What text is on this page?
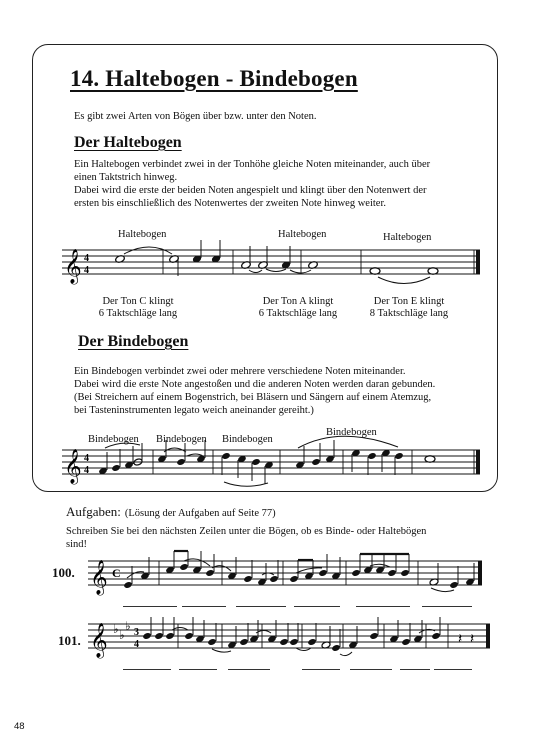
14. Haltebogen - Bindebogen
Es gibt zwei Arten von Bögen über bzw. unter den Noten.
Der Haltebogen
Ein Haltebogen verbindet zwei in der Tonhöhe gleiche Noten miteinander, auch über
einen Taktstrich hinweg.
Dabei wird die erste der beiden Noten angespielt und klingt über den Notenwert der
ersten bis einschließlich des Notenwertes der zweiten Note hinweg weiter.
Haltebogen	Haltebogen	Haltebogen
𝄞 4
4
Der Ton C klingt
6 Taktschläge lang
Der Ton A klingt
6 Taktschläge lang
Der Ton E klingt
8 Taktschläge lang
Der Bindebogen
Ein Bindebogen verbindet zwei oder mehrere verschiedene Noten miteinander.
Dabei wird die erste Note angestoßen und die anderen Noten werden daran gebunden.
(Bei Streichern auf einem Bogenstrich, bei Bläsern und Sängern auf einem Atemzug,
bei Tasteninstrumenten legato weich aneinander gereiht.)
Bindebogen Bindebogen Bindebogen
Bindebogen
𝄞 4
4
Aufgaben: (Lösung der Aufgaben auf Seite 77)
Schreiben Sie bei den nächsten Zeilen unter die Bögen, ob es Binde- oder Haltebögen
sind!
100. 𝄞 C
101. 𝄞 ♭ ♭
♭ 3
4	𝄽 𝄽
48
